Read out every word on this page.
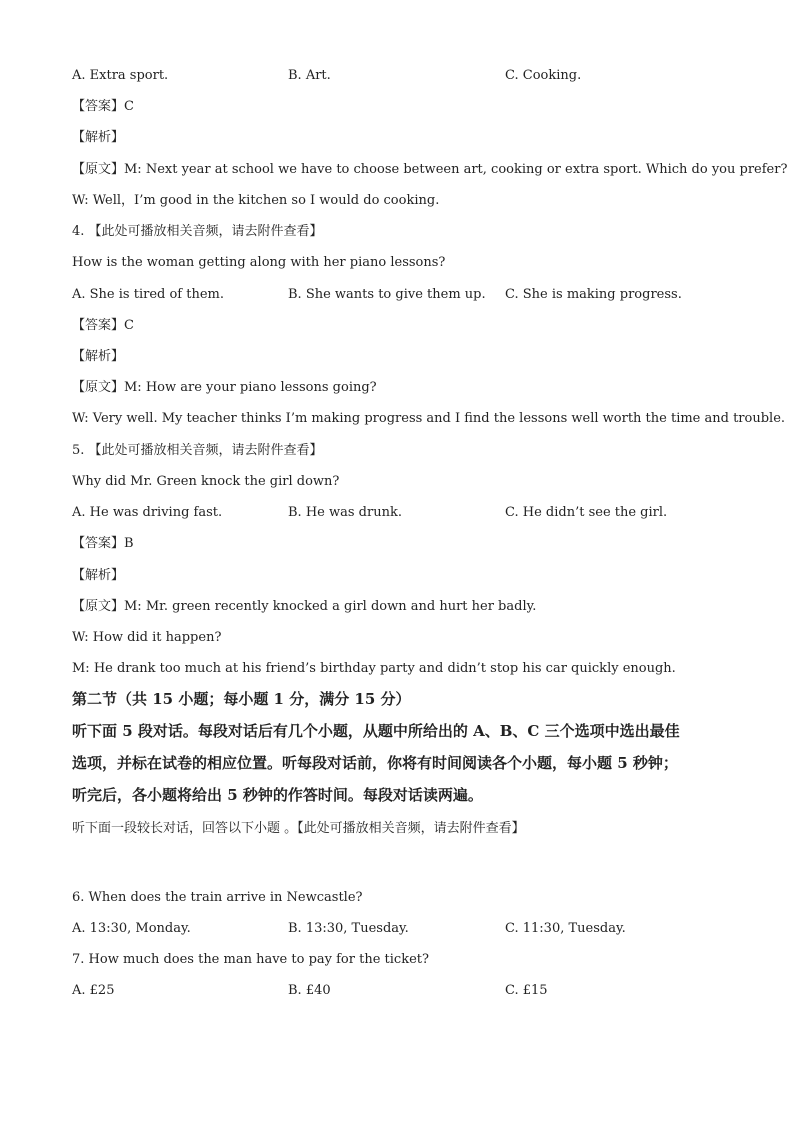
A. Extra sport.	B. Art.	C. Cooking.
【答案】C
【解析】
【原文】M: Next year at school we have to choose between art, cooking or extra sport. Which do you prefer?
W: Well，I’m good in the kitchen so I would do cooking.
4. 【此处可播放相关音频，请去附件查看】
How is the woman getting along with her piano lessons?
A. She is tired of them.	B. She wants to give them up. C. She is making progress.
【答案】C
【解析】
【原文】M: How are your piano lessons going?
W: Very well. My teacher thinks I’m making progress and I find the lessons well worth the time and trouble.
5. 【此处可播放相关音频，请去附件查看】
Why did Mr. Green knock the girl down?
A. He was driving fast.	B. He was drunk.	C. He didn’t see the girl.
【答案】B
【解析】
【原文】M: Mr. green recently knocked a girl down and hurt her badly.
W: How did it happen?
M: He drank too much at his friend’s birthday party and didn’t stop his car quickly enough.
第二节（共 15 小题；每小题 1 分，满分 15 分）
听下面 5 段对话。每段对话后有几个小题，从题中所给出的 A、B、C 三个选项中选出最佳
选项，并标在试卷的相应位置。听每段对话前，你将有时间阅读各个小题，每小题 5 秒钟；
听完后，各小题将给出 5 秒钟的作答时间。每段对话读两遍。
听下面一段较长对话，回答以下小题 。【此处可播放相关音频，请去附件查看】
6. When does the train arrive in Newcastle?
A. 13:30, Monday.	B. 13:30, Tuesday.	C. 11:30, Tuesday.
7. How much does the man have to pay for the ticket?
A. £25	B. £40	C. £15
